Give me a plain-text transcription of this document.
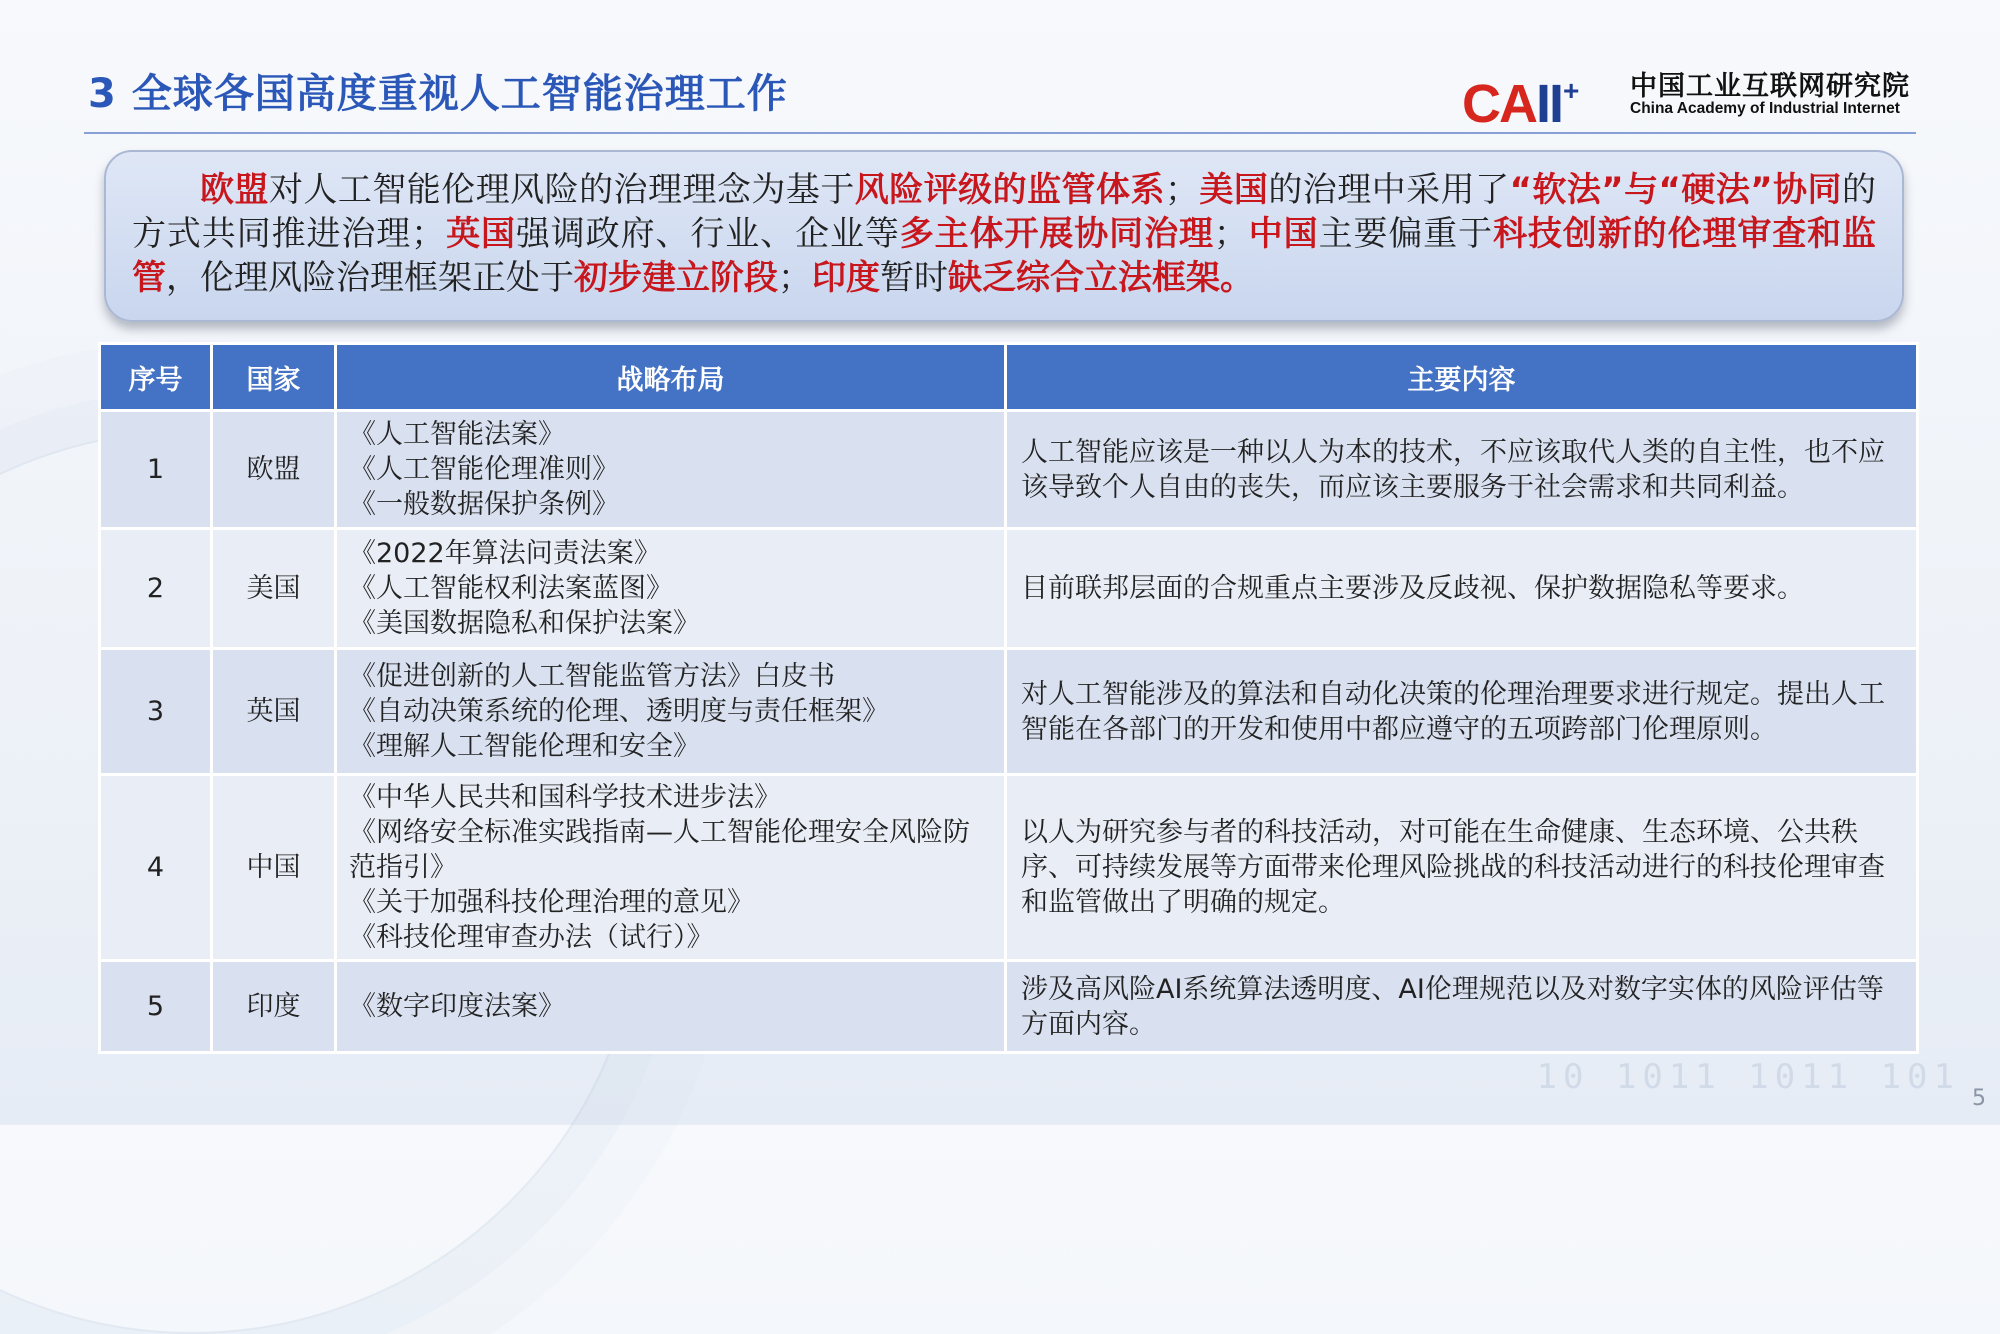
10 1011 1011 101
3 全球各国高度重视人工智能治理工作	CAII+ 中国工业互联网研究院
China Academy of Industrial Internet
欧盟对人工智能伦理风险的治理理念为基于风险评级的监管体系；美国的治理中采用了“软法”与“硬法”协同的方式共同推进治理；英国强调政府、行业、企业等多主体开展协同治理；中国主要偏重于科技创新的伦理审查和监管，伦理风险治理框架正处于初步建立阶段；印度暂时缺乏综合立法框架。
序号	国家	战略布局	主要内容
1	欧盟	《人工智能法案》
《人工智能伦理准则》
《一般数据保护条例》	人工智能应该是一种以人为本的技术，不应该取代人类的自主性，也不应该导致个人自由的丧失，而应该主要服务于社会需求和共同利益。
2	美国	《2022年算法问责法案》
《人工智能权利法案蓝图》
《美国数据隐私和保护法案》	目前联邦层面的合规重点主要涉及反歧视、保护数据隐私等要求。
3	英国	《促进创新的人工智能监管方法》白皮书
《自动决策系统的伦理、透明度与责任框架》
《理解人工智能伦理和安全》	对人工智能涉及的算法和自动化决策的伦理治理要求进行规定。提出人工智能在各部门的开发和使用中都应遵守的五项跨部门伦理原则。
4	中国	《中华人民共和国科学技术进步法》
《网络安全标准实践指南—人工智能伦理安全风险防范指引》
《关于加强科技伦理治理的意见》
《科技伦理审查办法（试行）》	以人为研究参与者的科技活动，对可能在生命健康、生态环境、公共秩序、可持续发展等方面带来伦理风险挑战的科技活动进行的科技伦理审查和监管做出了明确的规定。
5	印度	《数字印度法案》	涉及高风险AI系统算法透明度、AI伦理规范以及对数字实体的风险评估等方面内容。
5
